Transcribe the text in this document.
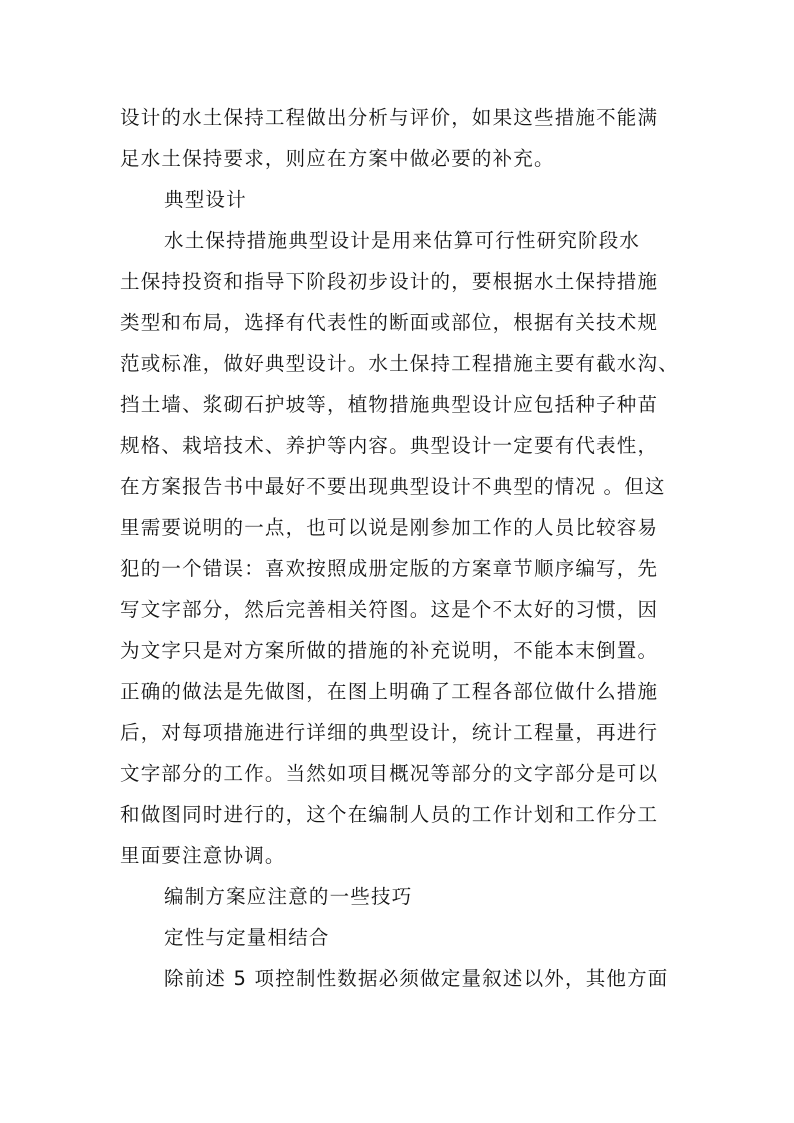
设计的水土保持工程做出分析与评价，如果这些措施不能满
足水土保持要求，则应在方案中做必要的补充。
典型设计
水土保持措施典型设计是用来估算可行性研究阶段水
土保持投资和指导下阶段初步设计的，要根据水土保持措施
类型和布局，选择有代表性的断面或部位，根据有关技术规
范或标准，做好典型设计。水土保持工程措施主要有截水沟、
挡土墙、浆砌石护坡等，植物措施典型设计应包括种子种苗
规格、栽培技术、养护等内容。典型设计一定要有代表性，
在方案报告书中最好不要出现典型设计不典型的情况 。但这
里需要说明的一点，也可以说是刚参加工作的人员比较容易
犯的一个错误：喜欢按照成册定版的方案章节顺序编写，先
写文字部分，然后完善相关符图。这是个不太好的习惯，因
为文字只是对方案所做的措施的补充说明，不能本末倒置。
正确的做法是先做图，在图上明确了工程各部位做什么措施
后，对每项措施进行详细的典型设计，统计工程量，再进行
文字部分的工作。当然如项目概况等部分的文字部分是可以
和做图同时进行的，这个在编制人员的工作计划和工作分工
里面要注意协调。
编制方案应注意的一些技巧
定性与定量相结合
除前述 5 项控制性数据必须做定量叙述以外，其他方面
